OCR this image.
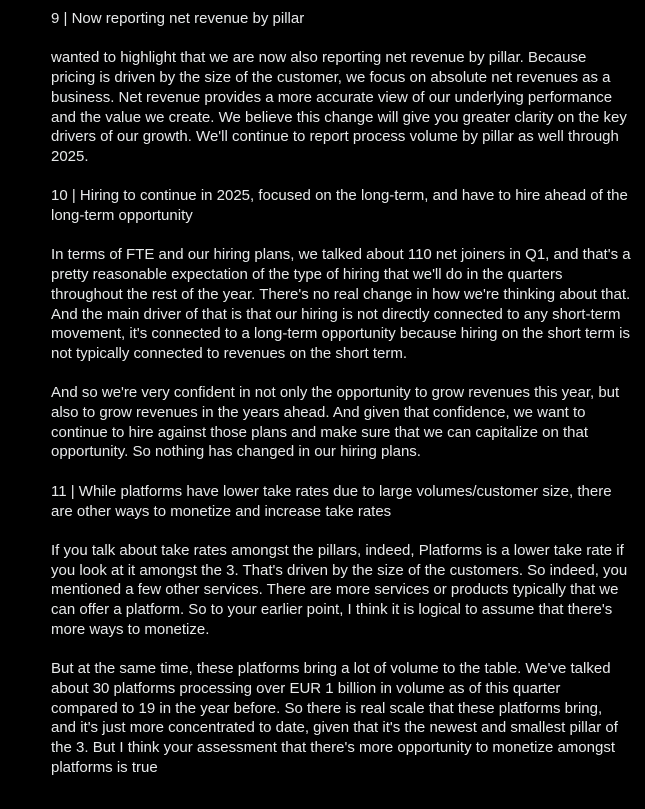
9 | Now reporting net revenue by pillar

wanted to highlight that we are now also reporting net revenue by pillar. Because pricing is driven by the size of the customer, we focus on absolute net revenues as a business. Net revenue provides a more accurate view of our underlying performance and the value we create. We believe this change will give you greater clarity on the key drivers of our growth. We'll continue to report process volume by pillar as well through 2025.

10 | Hiring to continue in 2025, focused on the long-term, and have to hire ahead of the long-term opportunity

In terms of FTE and our hiring plans, we talked about 110 net joiners in Q1, and that's a pretty reasonable expectation of the type of hiring that we'll do in the quarters throughout the rest of the year. There's no real change in how we're thinking about that. And the main driver of that is that our hiring is not directly connected to any short-term movement, it's connected to a long-term opportunity because hiring on the short term is not typically connected to revenues on the short term.

And so we're very confident in not only the opportunity to grow revenues this year, but also to grow revenues in the years ahead. And given that confidence, we want to continue to hire against those plans and make sure that we can capitalize on that opportunity. So nothing has changed in our hiring plans.

11 | While platforms have lower take rates due to large volumes/customer size, there are other ways to monetize and increase take rates

If you talk about take rates amongst the pillars, indeed, Platforms is a lower take rate if you look at it amongst the 3. That's driven by the size of the customers. So indeed, you mentioned a few other services. There are more services or products typically that we can offer a platform. So to your earlier point, I think it is logical to assume that there's more ways to monetize.

But at the same time, these platforms bring a lot of volume to the table. We've talked about 30 platforms processing over EUR 1 billion in volume as of this quarter compared to 19 in the year before. So there is real scale that these platforms bring, and it's just more concentrated to date, given that it's the newest and smallest pillar of the 3. But I think your assessment that there's more opportunity to monetize amongst platforms is true
